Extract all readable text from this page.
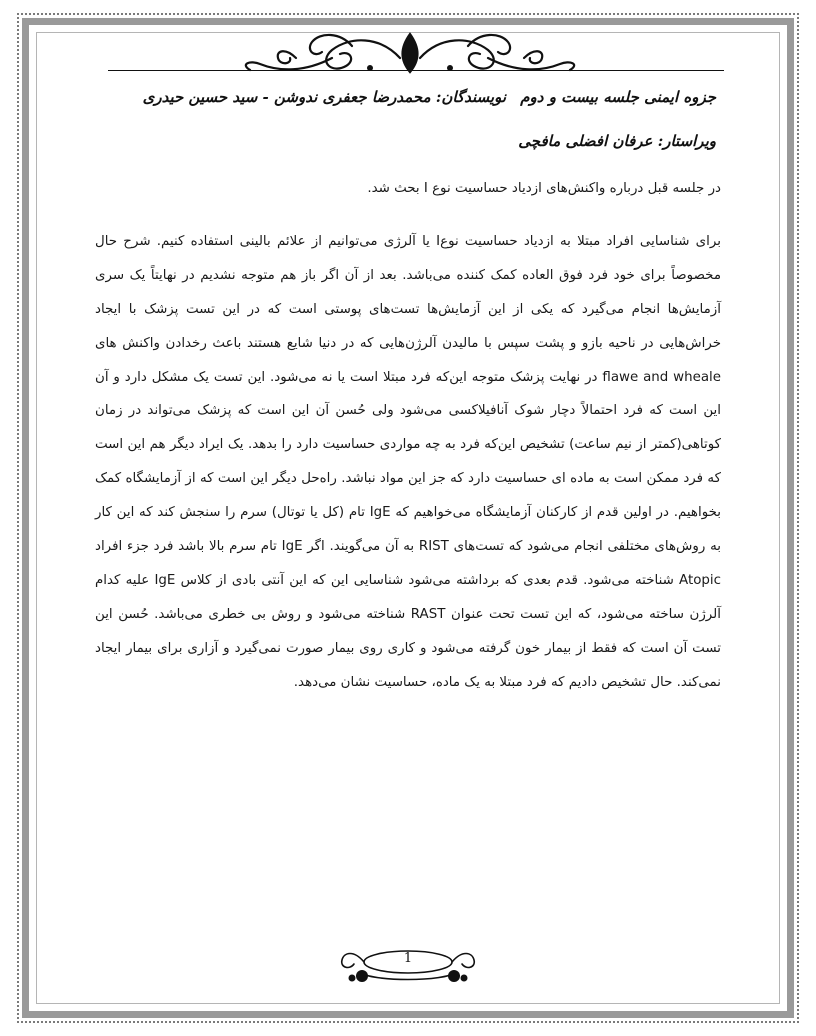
جزوه ایمنی جلسه بیست و دوم
نویسندگان: محمدرضا جعفری ندوشن - سید حسین حیدری
ویراستار: عرفان افضلی مافچی

در جلسه قبل درباره واکنش‌های ازدیاد حساسیت نوع I بحث شد.

برای شناسایی افراد مبتلا به ازدیاد حساسیت نوعI یا آلرژی می‌توانیم از علائم بالینی استفاده کنیم. شرح حال مخصوصاً برای خود فرد فوق العاده کمک کننده می‌باشد. بعد از آن اگر باز هم متوجه نشدیم در نهایتاً یک سری آزمایش‌ها انجام می‌گیرد که یکی از این آزمایش‌ها تست‌های پوستی است که در این تست پزشک با ایجاد خراش‌هایی در ناحیه بازو و پشت سپس با مالیدن آلرژن‌هایی که در دنیا شایع هستند باعث رخدادن واکنش های flawe and wheale در نهایت پزشک متوجه این‌که فرد مبتلا است یا نه می‌شود. این تست یک مشکل دارد و آن این است که فرد احتمالاً دچار شوک آنافیلاکسی می‌شود ولی حُسن آن این است که پزشک می‌تواند در زمان کوتاهی(کمتر از نیم ساعت) تشخیص این‌که فرد به چه مواردی حساسیت دارد را بدهد. یک ایراد دیگر هم این است که فرد ممکن است به ماده ای حساسیت دارد که جز این مواد نباشد. راه‌حل دیگر این است که از آزمایشگاه کمک بخواهیم. در اولین قدم از کارکنان آزمایشگاه می‌خواهیم که IgE تام (کل یا توتال) سرم را سنجش کند که این کار به روش‌های مختلفی انجام می‌شود که تست‌های RIST به آن می‌گویند. اگر IgE تام سرم بالا باشد فرد جزء افراد Atopic شناخته می‌شود. قدم بعدی که برداشته می‌شود شناسایی این که این آنتی بادی از کلاس IgE علیه کدام آلرژن ساخته می‌شود، که این تست تحت عنوان RAST شناخته می‌شود و روش بی خطری می‌باشد. حُسن این تست آن است که فقط از بیمار خون گرفته می‌شود و کاری روی بیمار صورت نمی‌گیرد و آزاری برای بیمار ایجاد نمی‌کند. حال تشخیص دادیم که فرد مبتلا به یک ماده، حساسیت نشان می‌دهد.

1
